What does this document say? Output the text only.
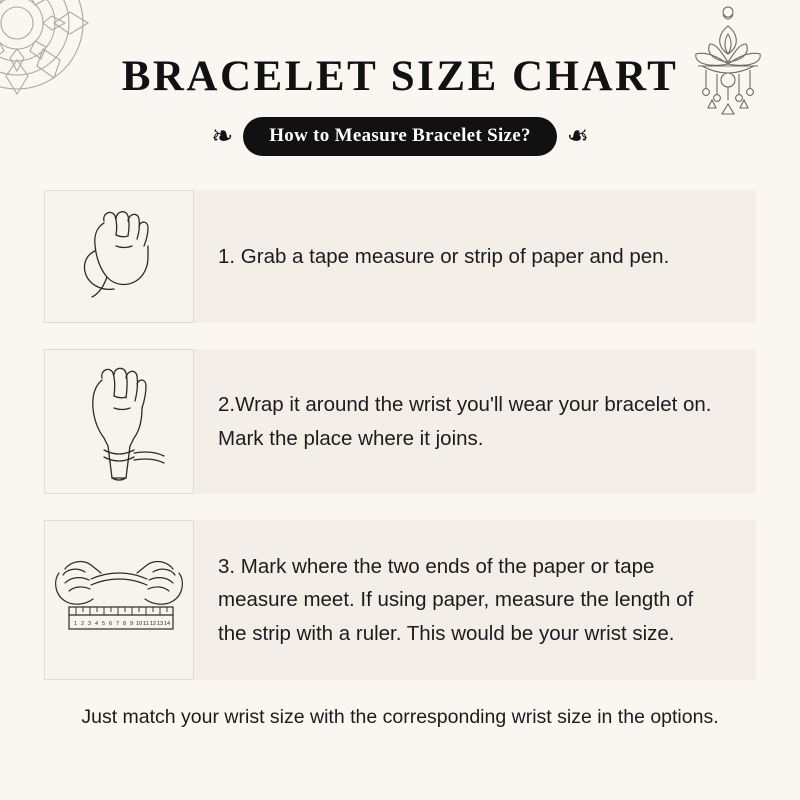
BRACELET SIZE CHART
❧	How to Measure Bracelet Size?	❧
1. Grab a tape measure or strip of paper and pen.
2.Wrap it around the wrist you'll wear your bracelet on. Mark the place where it joins.
1 2 3 4 5 6 7 8 9 10 11 12 13 14
3. Mark where the two ends of the paper or tape measure meet. If using paper, measure the length of the strip with a ruler. This would be your wrist size.
Just match your wrist size with the corresponding wrist size in the options.
